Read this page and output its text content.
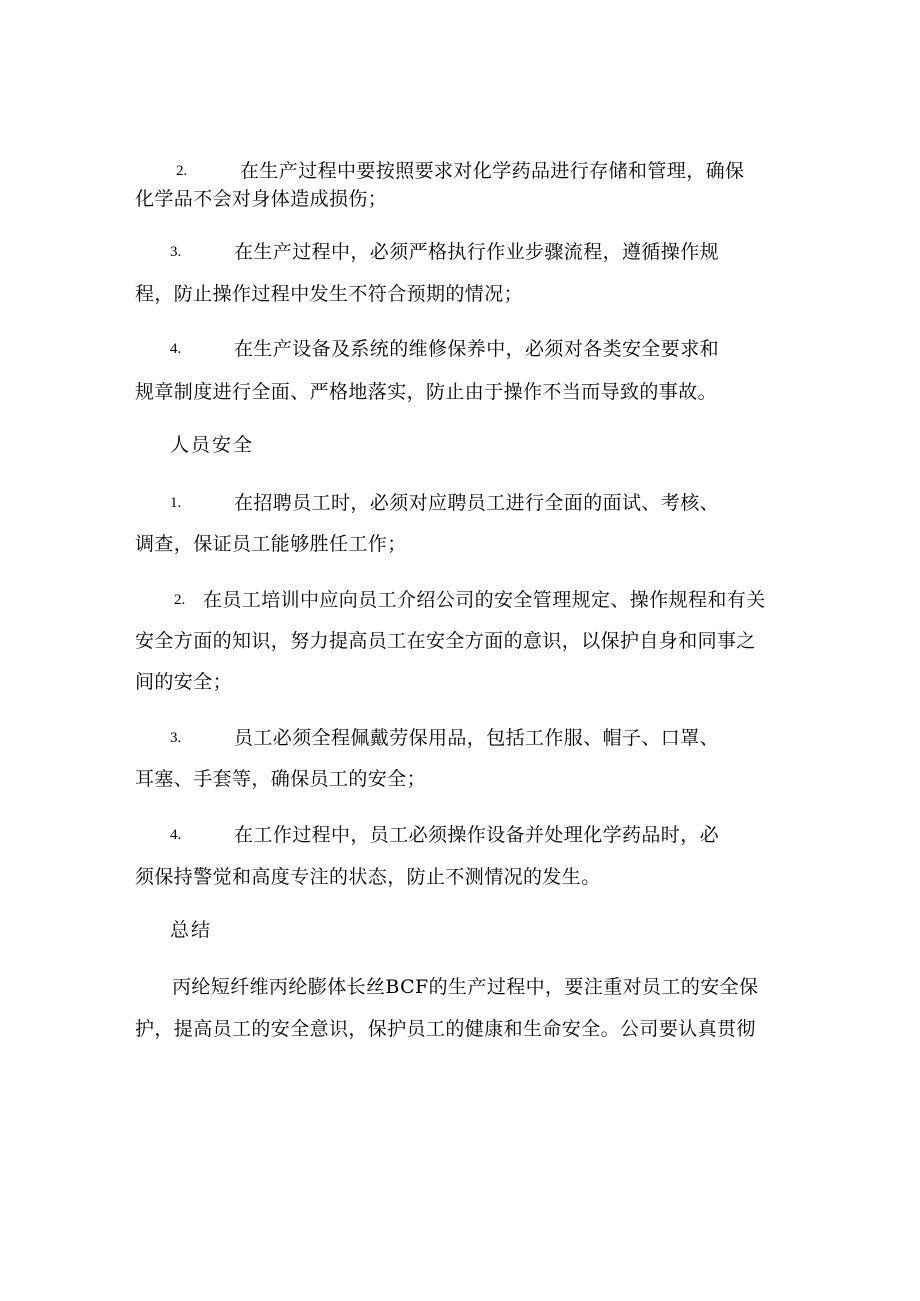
2.	在生产过程中要按照要求对化学药品进行存储和管理，确保
化学品不会对身体造成损伤；
3.	在生产过程中，必须严格执行作业步骤流程，遵循操作规
程，防止操作过程中发生不符合预期的情况；
4.	在生产设备及系统的维修保养中，必须对各类安全要求和
规章制度进行全面、严格地落实，防止由于操作不当而导致的事故。
人员安全
1.	在招聘员工时，必须对应聘员工进行全面的面试、考核、
调查，保证员工能够胜任工作；
2. 在员工培训中应向员工介绍公司的安全管理规定、操作规程和有关
安全方面的知识，努力提高员工在安全方面的意识，以保护自身和同事之
间的安全；
3.	员工必须全程佩戴劳保用品，包括工作服、帽子、口罩、
耳塞、手套等，确保员工的安全；
4.	在工作过程中，员工必须操作设备并处理化学药品时，必
须保持警觉和高度专注的状态，防止不测情况的发生。
总结
丙纶短纤维丙纶膨体长丝BCF的生产过程中，要注重对员工的安全保
护，提高员工的安全意识，保护员工的健康和生命安全。公司要认真贯彻
